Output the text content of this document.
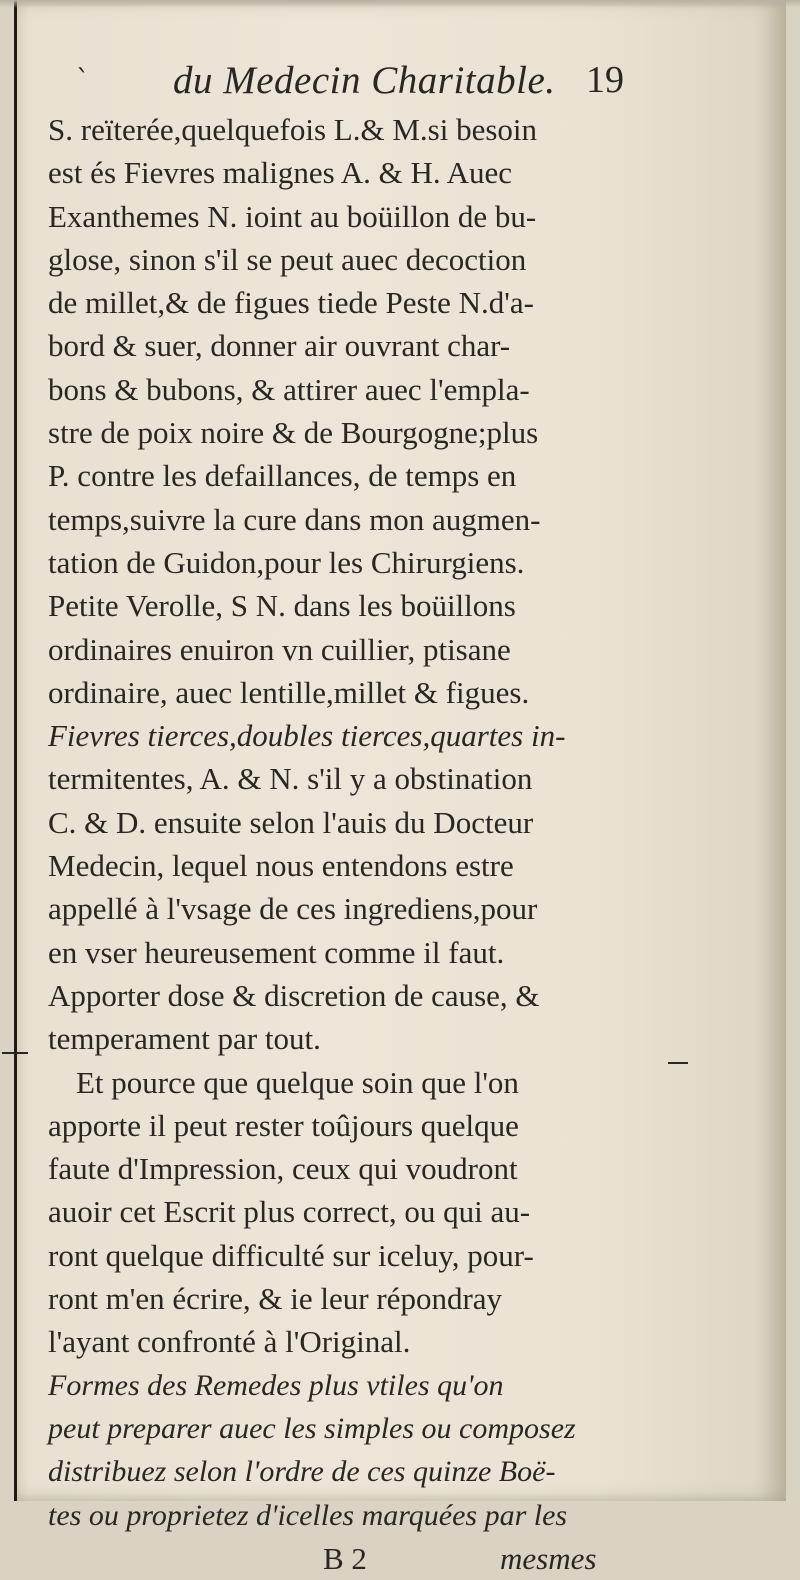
` du Medecin Charitable. 19
S. reïterée,quelquefois L.& M.si besoin
est és Fievres malignes A. & H. Auec
Exanthemes N. ioint au boüillon de bu-
glose, sinon s'il se peut auec decoction
de millet,& de figues tiede Peste N.d'a-
bord & suer, donner air ouvrant char-
bons & bubons, & attirer auec l'empla-
stre de poix noire & de Bourgogne;plus
P. contre les defaillances, de temps en
temps,suivre la cure dans mon augmen-
tation de Guidon,pour les Chirurgiens.
Petite Verolle, S N. dans les boüillons
ordinaires enuiron vn cuillier, ptisane
ordinaire, auec lentille,millet & figues.
Fievres tierces,doubles tierces,quartes in-
termitentes, A. & N. s'il y a obstination
C. & D. ensuite selon l'auis du Docteur
Medecin, lequel nous entendons estre
appellé à l'vsage de ces ingrediens,pour
en vser heureusement comme il faut.
Apporter dose & discretion de cause, &
temperament par tout.
Et pource que quelque soin que l'on
apporte il peut rester toûjours quelque
faute d'Impression, ceux qui voudront
auoir cet Escrit plus correct, ou qui au-
ront quelque difficulté sur iceluy, pour-
ront m'en écrire, & ie leur répondray
l'ayant confronté à l'Original.
Formes des Remedes plus vtiles qu'on
peut preparer auec les simples ou composez
distribuez selon l'ordre de ces quinze Boë-
tes ou proprietez d'icelles marquées par les
B 2	mesmes
